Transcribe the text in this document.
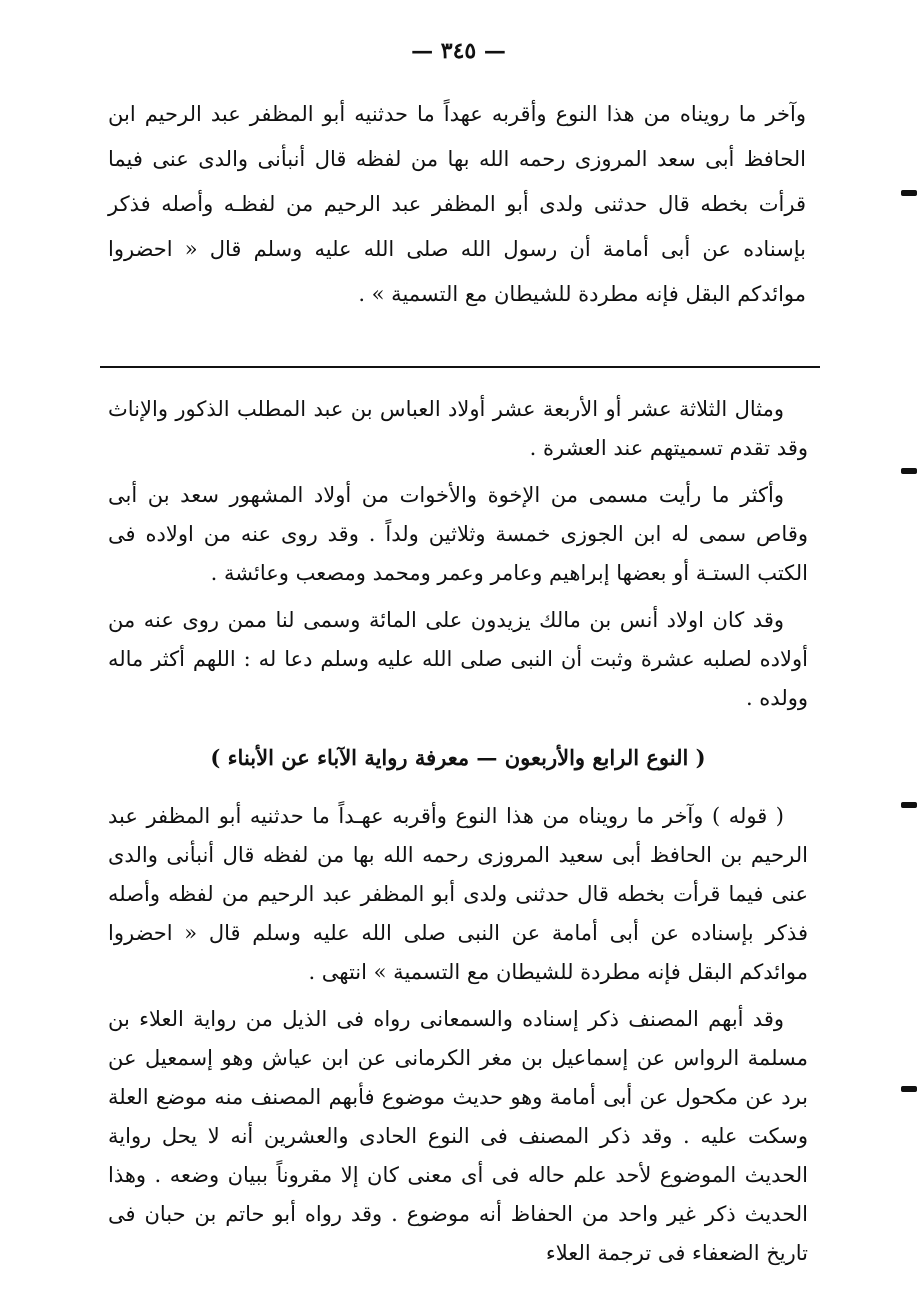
— ٣٤٥ —
وآخر ما رويناه من هذا النوع وأقربه عهداً ما حدثنيه أبو المظفر عبد الرحيم ابن الحافظ أبى سعد المروزى رحمه الله بها من لفظه قال أنبأنى والدى عنى فيما قرأت بخطه قال حدثنى ولدى أبو المظفر عبد الرحيم من لفظـه وأصله فذكر بإسناده عن أبى أمامة أن رسول الله صلى الله عليه وسلم قال « احضروا موائدكم البقل فإنه مطردة للشيطان مع التسمية » .

ومثال الثلاثة عشر أو الأربعة عشر أولاد العباس بن عبد المطلب الذكور والإناث وقد تقدم تسميتهم عند العشرة .

وأكثر ما رأيت مسمى من الإخوة والأخوات من أولاد المشهور سعد بن أبى وقاص سمى له ابن الجوزى خمسة وثلاثين ولداً . وقد روى عنه من اولاده فى الكتب الستـة أو بعضها إبراهيم وعامر وعمر ومحمد ومصعب وعائشة .

وقد كان اولاد أنس بن مالك يزيدون على المائة وسمى لنا ممن روى عنه من أولاده لصلبه عشرة وثبت أن النبى صلى الله عليه وسلم دعا له : اللهم أكثر ماله وولده .

( النوع الرابع والأربعون — معرفة رواية الآباء عن الأبناء )

( قوله ) وآخر ما رويناه من هذا النوع وأقربه عهـداً ما حدثنيه أبو المظفر عبد الرحيم بن الحافظ أبى سعيد المروزى رحمه الله بها من لفظه قال أنبأنى والدى عنى فيما قرأت بخطه قال حدثنى ولدى أبو المظفر عبد الرحيم من لفظه وأصله فذكر بإسناده عن أبى أمامة عن النبى صلى الله عليه وسلم قال « احضروا موائدكم البقل فإنه مطردة للشيطان مع التسمية » انتهى .

وقد أبهم المصنف ذكر إسناده والسمعانى رواه فى الذيل من رواية العلاء بن مسلمة الرواس عن إسماعيل بن مغر الكرمانى عن ابن عياش وهو إسمعيل عن برد عن مكحول عن أبى أمامة وهو حديث موضوع فأبهم المصنف منه موضع العلة وسكت عليه . وقد ذكر المصنف فى النوع الحادى والعشرين أنه لا يحل رواية الحديث الموضوع لأحد علم حاله فى أى معنى كان إلا مقروناً ببيان وضعه . وهذا الحديث ذكر غير واحد من الحفاظ أنه موضوع . وقد رواه أبو حاتم بن حبان فى تاريخ الضعفاء فى ترجمة العلاء
